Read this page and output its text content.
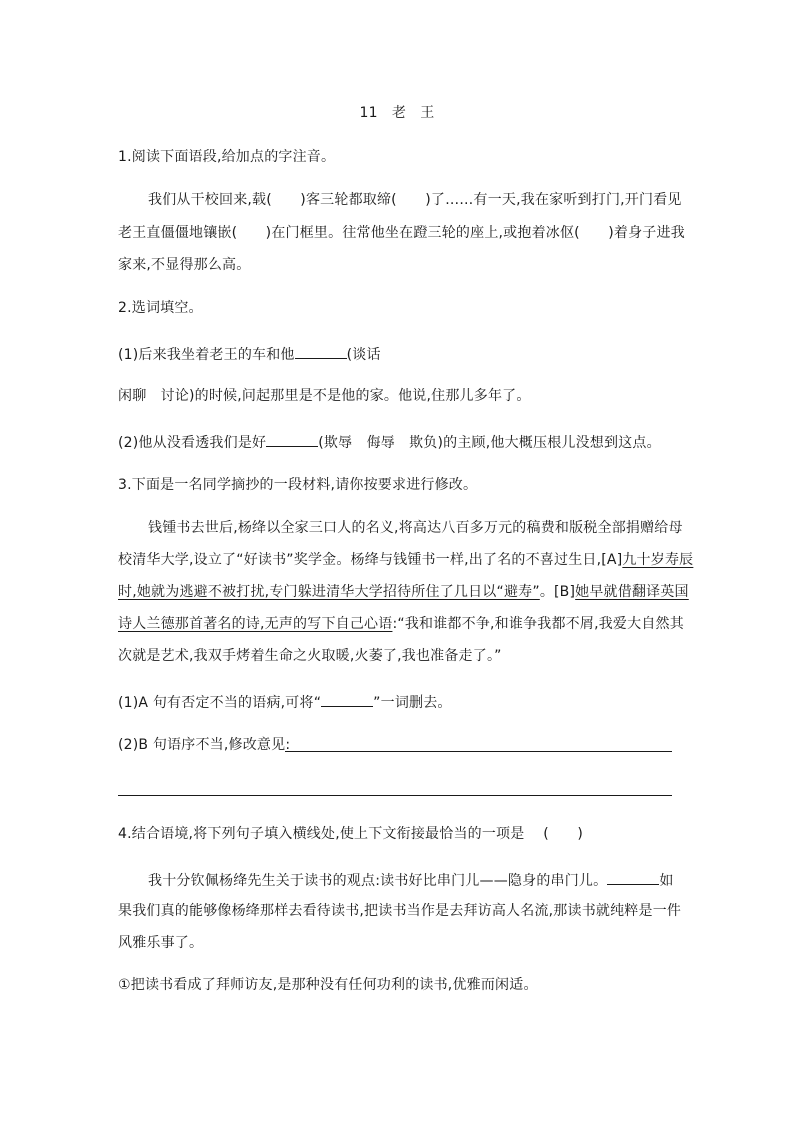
11　老　王
1.阅读下面语段,给加点的字注音。
我们从干校回来,载(　　)客三轮都取缔(　　)了……有一天,我在家听到打门,开门看见
老王直僵僵地镶嵌(　　)在门框里。往常他坐在蹬三轮的座上,或抱着冰伛(　　)着身子进我
家来,不显得那么高。
2.选词填空。
(1)后来我坐着老王的车和他	(谈话
闲聊　讨论)的时候,问起那里是不是他的家。他说,住那儿多年了。
(2)他从没看透我们是好	(欺辱　侮辱　欺负)的主顾,他大概压根儿没想到这点。
3.下面是一名同学摘抄的一段材料,请你按要求进行修改。
钱锺书去世后,杨绛以全家三口人的名义,将高达八百多万元的稿费和版税全部捐赠给母
校清华大学,设立了“好读书”奖学金。杨绛与钱锺书一样,出了名的不喜过生日,[A]九十岁寿辰
时,她就为逃避不被打扰,专门躲进清华大学招待所住了几日以“避寿”。[B]她早就借翻译英国
诗人兰德那首著名的诗,无声的写下自己心语:“我和谁都不争,和谁争我都不屑,我爱大自然其
次就是艺术,我双手烤着生命之火取暖,火萎了,我也准备走了。”
(1)A 句有否定不当的语病,可将“	”一词删去。
(2)B 句语序不当,修改意见:
4.结合语境,将下列句子填入横线处,使上下文衔接最恰当的一项是　 (　　)
我十分钦佩杨绛先生关于读书的观点:读书好比串门儿——隐身的串门儿。	如
果我们真的能够像杨绛那样去看待读书,把读书当作是去拜访高人名流,那读书就纯粹是一件
风雅乐事了。
①把读书看成了拜师访友,是那种没有任何功利的读书,优雅而闲适。
